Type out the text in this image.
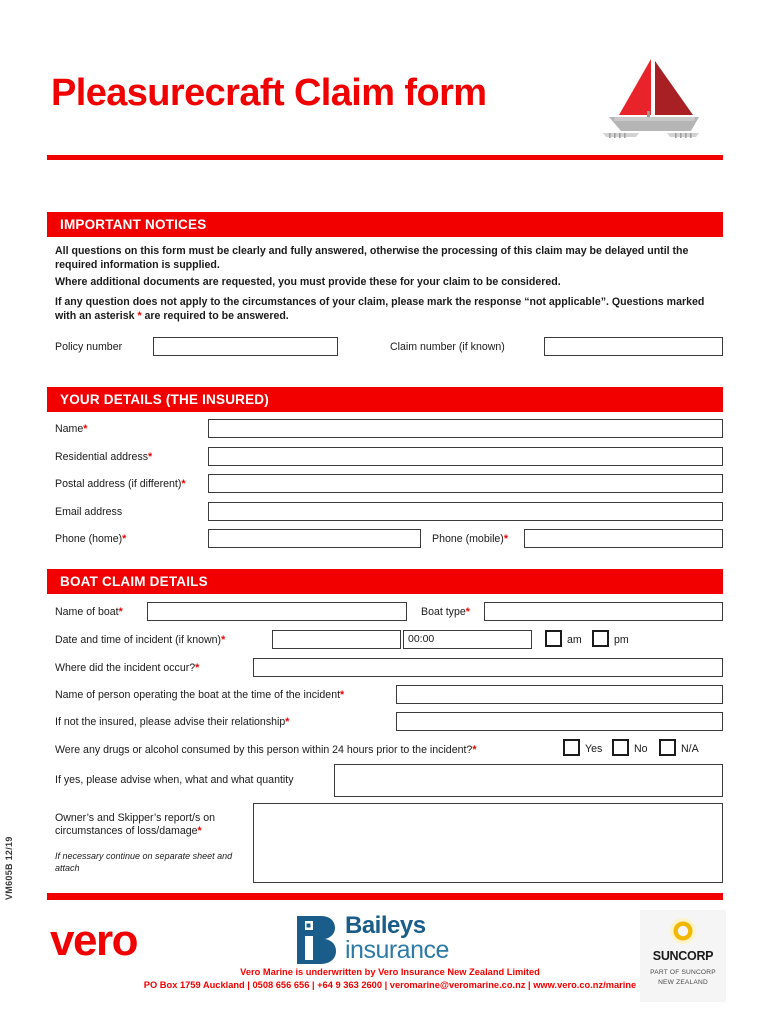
VM605B 12/19
Pleasurecraft Claim form
IMPORTANT NOTICES
All questions on this form must be clearly and fully answered, otherwise the processing of this claim may be delayed until the required information is supplied.
Where additional documents are requested, you must provide these for your claim to be considered.
If any question does not apply to the circumstances of your claim, please mark the response “not applicable”. Questions marked with an asterisk * are required to be answered.
Policy number	Claim number (if known)
YOUR DETAILS (THE INSURED)
Name*
Residential address*
Postal address (if different)*
Email address
Phone (home)*	Phone (mobile)*
BOAT CLAIM DETAILS
Name of boat*	Boat type*
Date and time of incident (if known)*	00:00	am	pm
Where did the incident occur?*
Name of person operating the boat at the time of the incident*
If not the insured, please advise their relationship*
Were any drugs or alcohol consumed by this person within 24 hours prior to the incident?*	Yes	No	N/A
If yes, please advise when, what and what quantity
Owner’s and Skipper’s report/s on
circumstances of loss/damage*
If necessary continue on separate sheet and attach
vero	Baileys
insurance
Vero Marine is underwritten by Vero Insurance New Zealand Limited
PO Box 1759 Auckland | 0508 656 656 | +64 9 363 2600 | veromarine@veromarine.co.nz | www.vero.co.nz/marine
SUNCORP
PART OF SUNCORP
NEW ZEALAND
